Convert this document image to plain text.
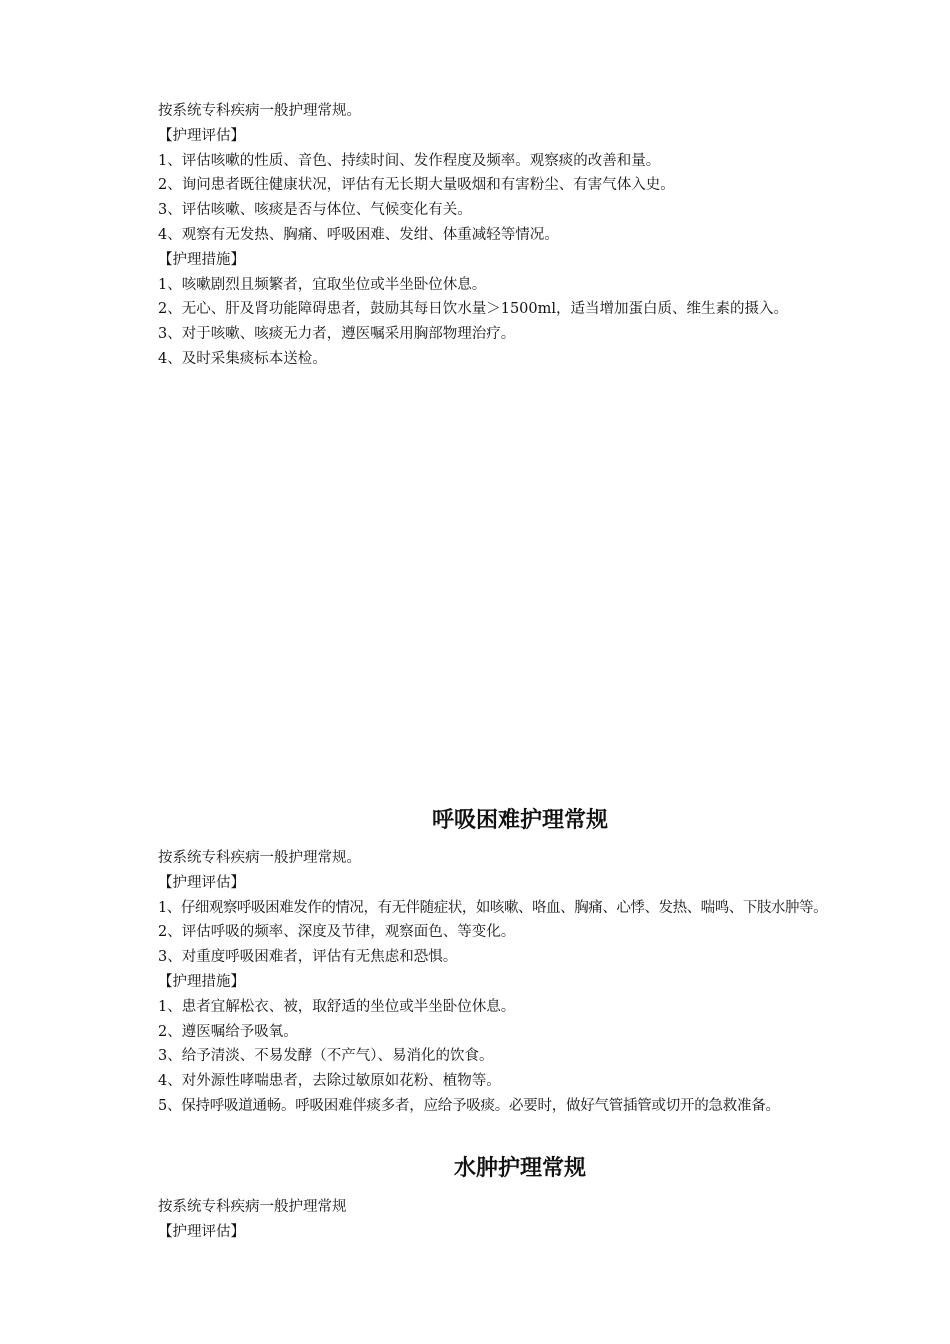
按系统专科疾病一般护理常规。
【护理评估】
1、评估咳嗽的性质、音色、持续时间、发作程度及频率。观察痰的改善和量。
2、询问患者既往健康状况，评估有无长期大量吸烟和有害粉尘、有害气体入史。
3、评估咳嗽、咳痰是否与体位、气候变化有关。
4、观察有无发热、胸痛、呼吸困难、发绀、体重减轻等情况。
【护理措施】
1、咳嗽剧烈且频繁者，宜取坐位或半坐卧位休息。
2、无心、肝及肾功能障碍患者，鼓励其每日饮水量＞1500ml，适当增加蛋白质、维生素的摄入。
3、对于咳嗽、咳痰无力者，遵医嘱采用胸部物理治疗。
4、及时采集痰标本送检。
呼吸困难护理常规
按系统专科疾病一般护理常规。
【护理评估】
1、仔细观察呼吸困难发作的情况，有无伴随症状，如咳嗽、咯血、胸痛、心悸、发热、喘鸣、下肢水肿等。
2、评估呼吸的频率、深度及节律，观察面色、等变化。
3、对重度呼吸困难者，评估有无焦虑和恐惧。
【护理措施】
1、患者宜解松衣、被，取舒适的坐位或半坐卧位休息。
2、遵医嘱给予吸氧。
3、给予清淡、不易发酵（不产气）、易消化的饮食。
4、对外源性哮喘患者，去除过敏原如花粉、植物等。
5、保持呼吸道通畅。呼吸困难伴痰多者，应给予吸痰。必要时，做好气管插管或切开的急救准备。
水肿护理常规
按系统专科疾病一般护理常规
【护理评估】
